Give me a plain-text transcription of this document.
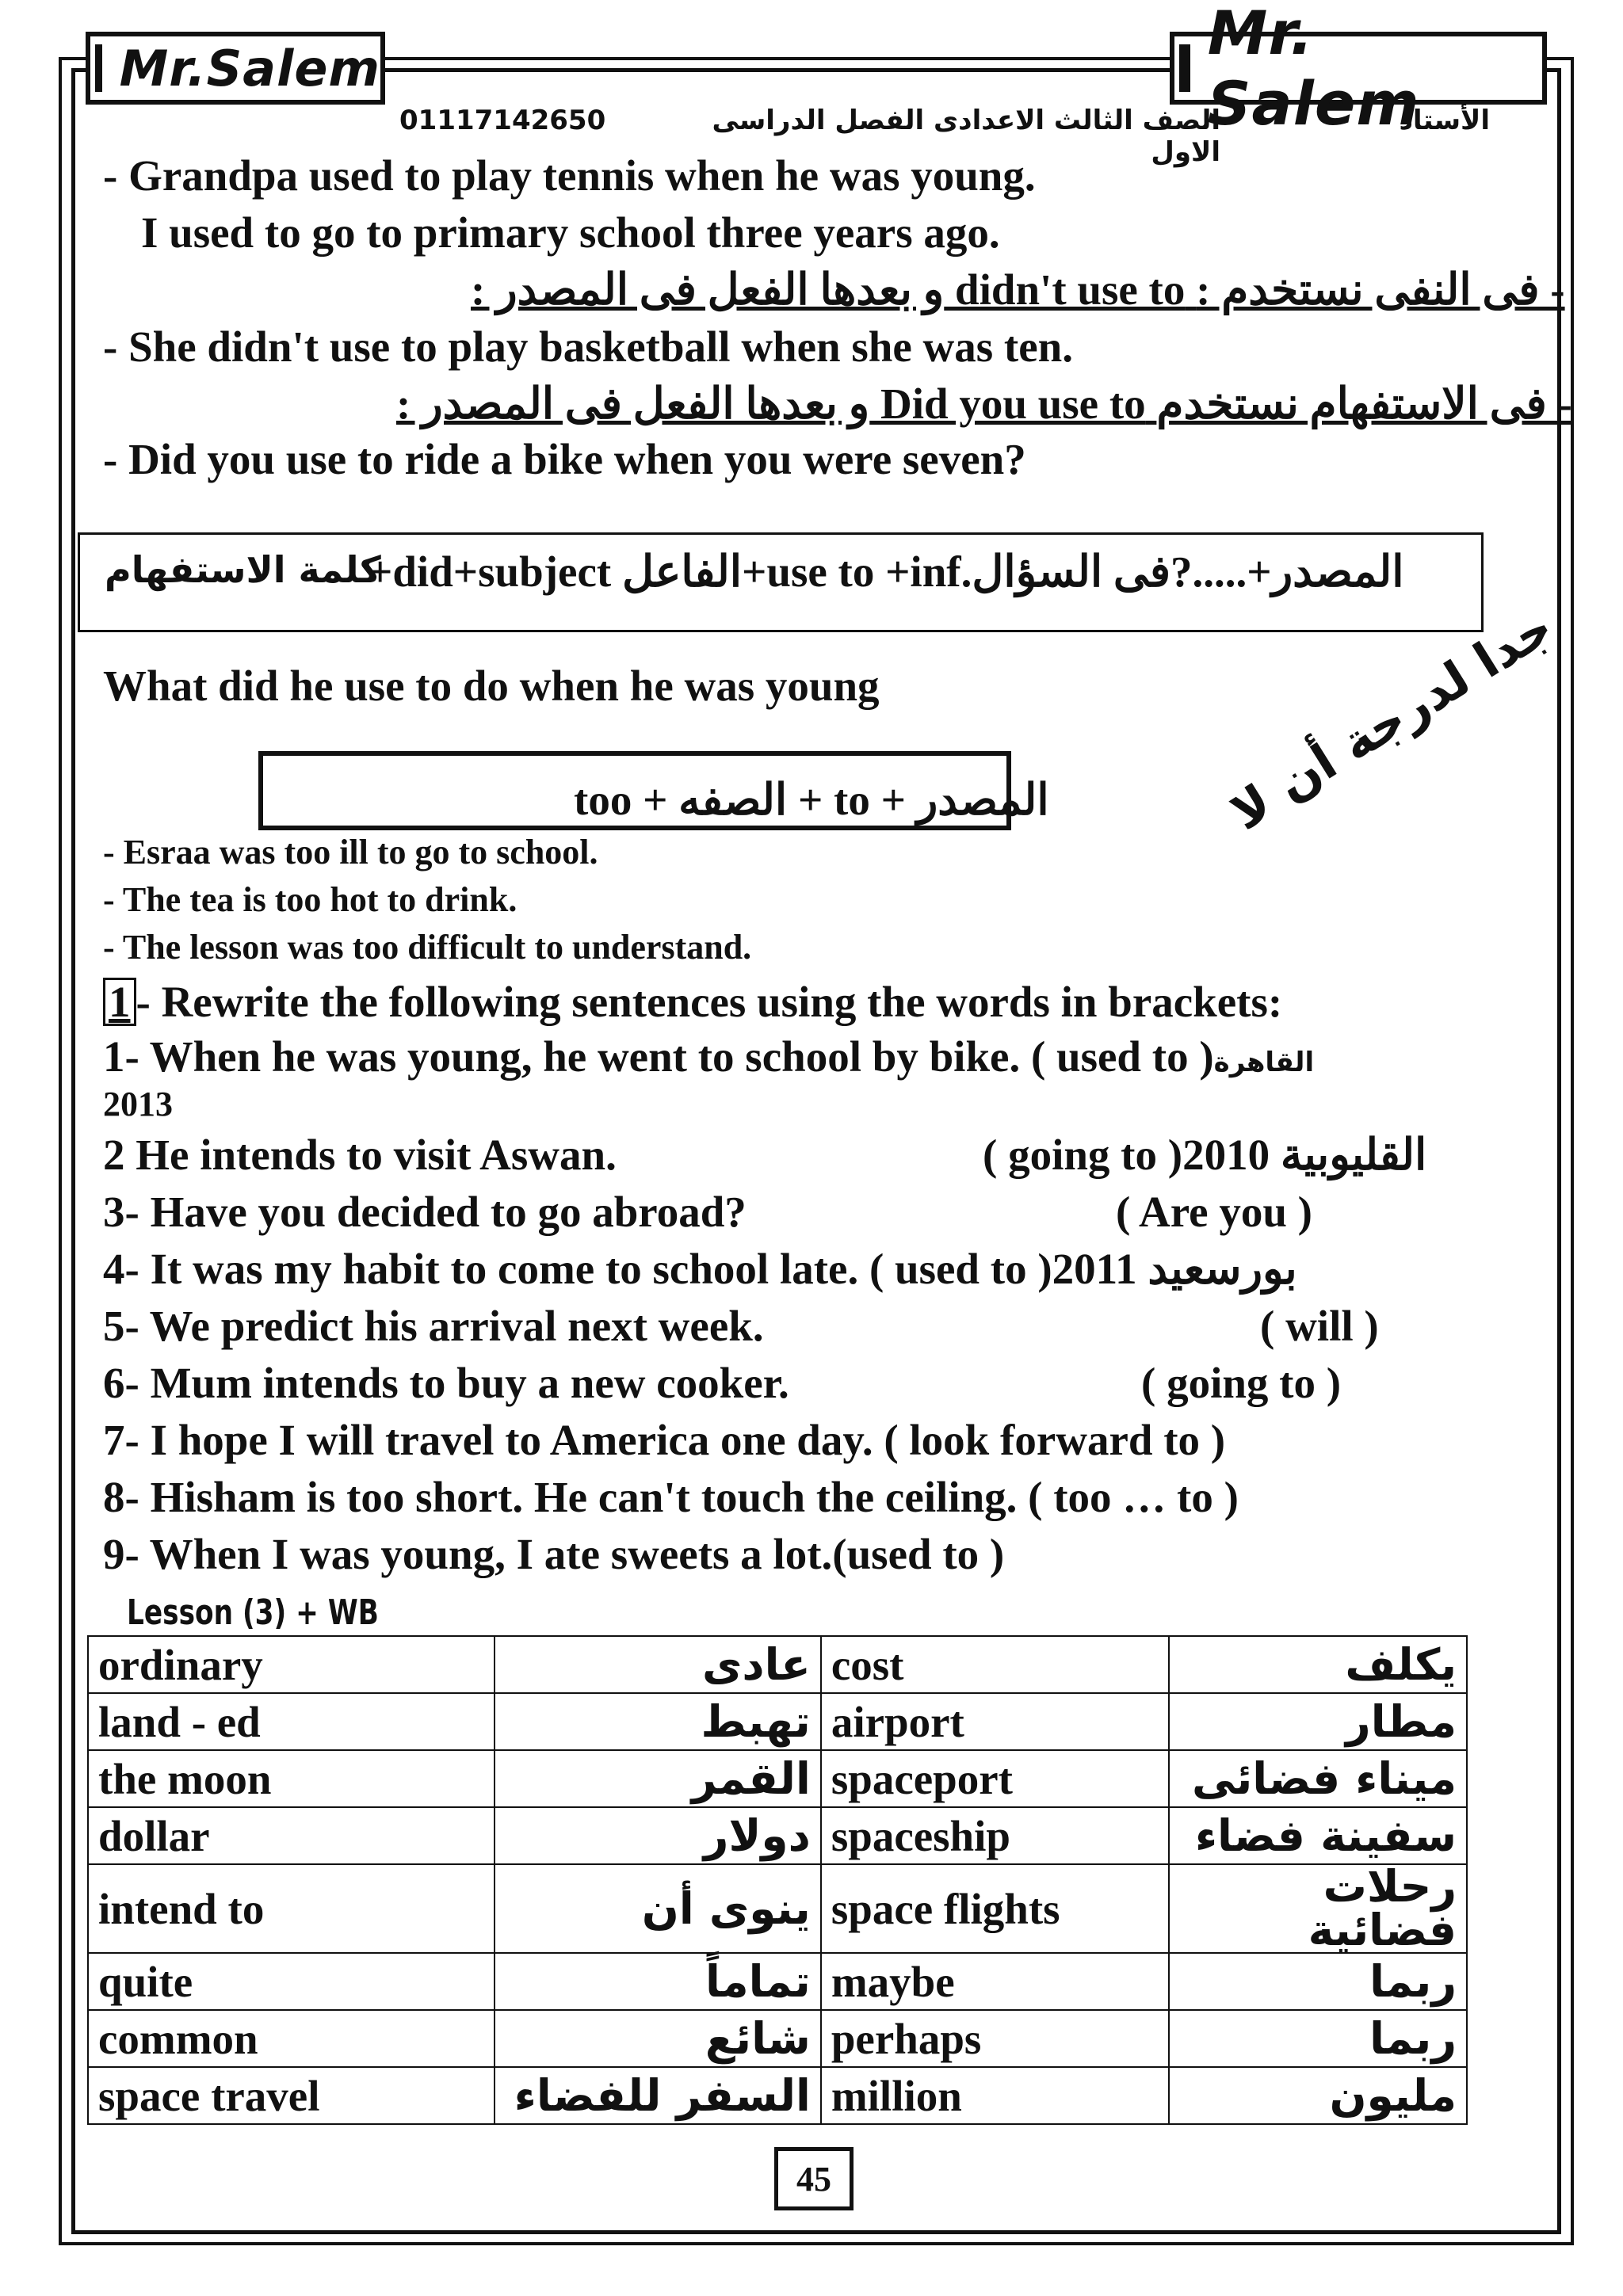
Mr.Salem	Mr. Salem
01117142650	الصف الثالث الاعدادى الفصل الدراسى الاول
الأستاذ
- Grandpa used to play tennis when he was young.
I used to go to primary school three years ago.
و بعدها الفعل فى المصدر : didn't use to - فى النفى نستخدم :
- She didn't use to play basketball when she was ten.
و بعدها الفعل فى المصدر : Did you use to - فى الاستفهام نستخدم
- Did you use to ride a bike when you were seven?
كلمة الاستفهام
+did+subject الفاعل+use to +inf.المصدر+.....?فى السؤال
What did he use to do when he was young
too + الصفه + to + المصدر	جدا لدرجة أن لا
- Esraa was too ill to go to school.
- The tea is too hot to drink.
- The lesson was too difficult to understand.
1 - Rewrite the following sentences using the words in brackets:
1- When he was young, he went to school by bike. ( used to )القاهرة
2013
2 He intends to visit Aswan.	( going to )2010 القليوبية
3- Have you decided to go abroad?	( Are you )
4- It was my habit to come to school late. ( used to )2011 بورسعيد
5- We predict his arrival next week.	( will )
6- Mum intends to buy a new cooker.	( going to )
7- I hope I will travel to America one day. ( look forward to )
8- Hisham is too short. He can't touch the ceiling. ( too … to )
9- When I was young, I ate sweets a lot.(used to )
Lesson (3) + WB
ordinary	عادى	cost	يكلف
land - ed	تهبط	airport	مطار
the moon	القمر	spaceport	ميناء فضائى
dollar	دولار	spaceship	سفينة فضاء
intend to	ينوى أن	space flights	رحلات فضائية
quite	تماماً	maybe	ربما
common	شائع	perhaps	ربما
space travel	السفر للفضاء	million	مليون
45
